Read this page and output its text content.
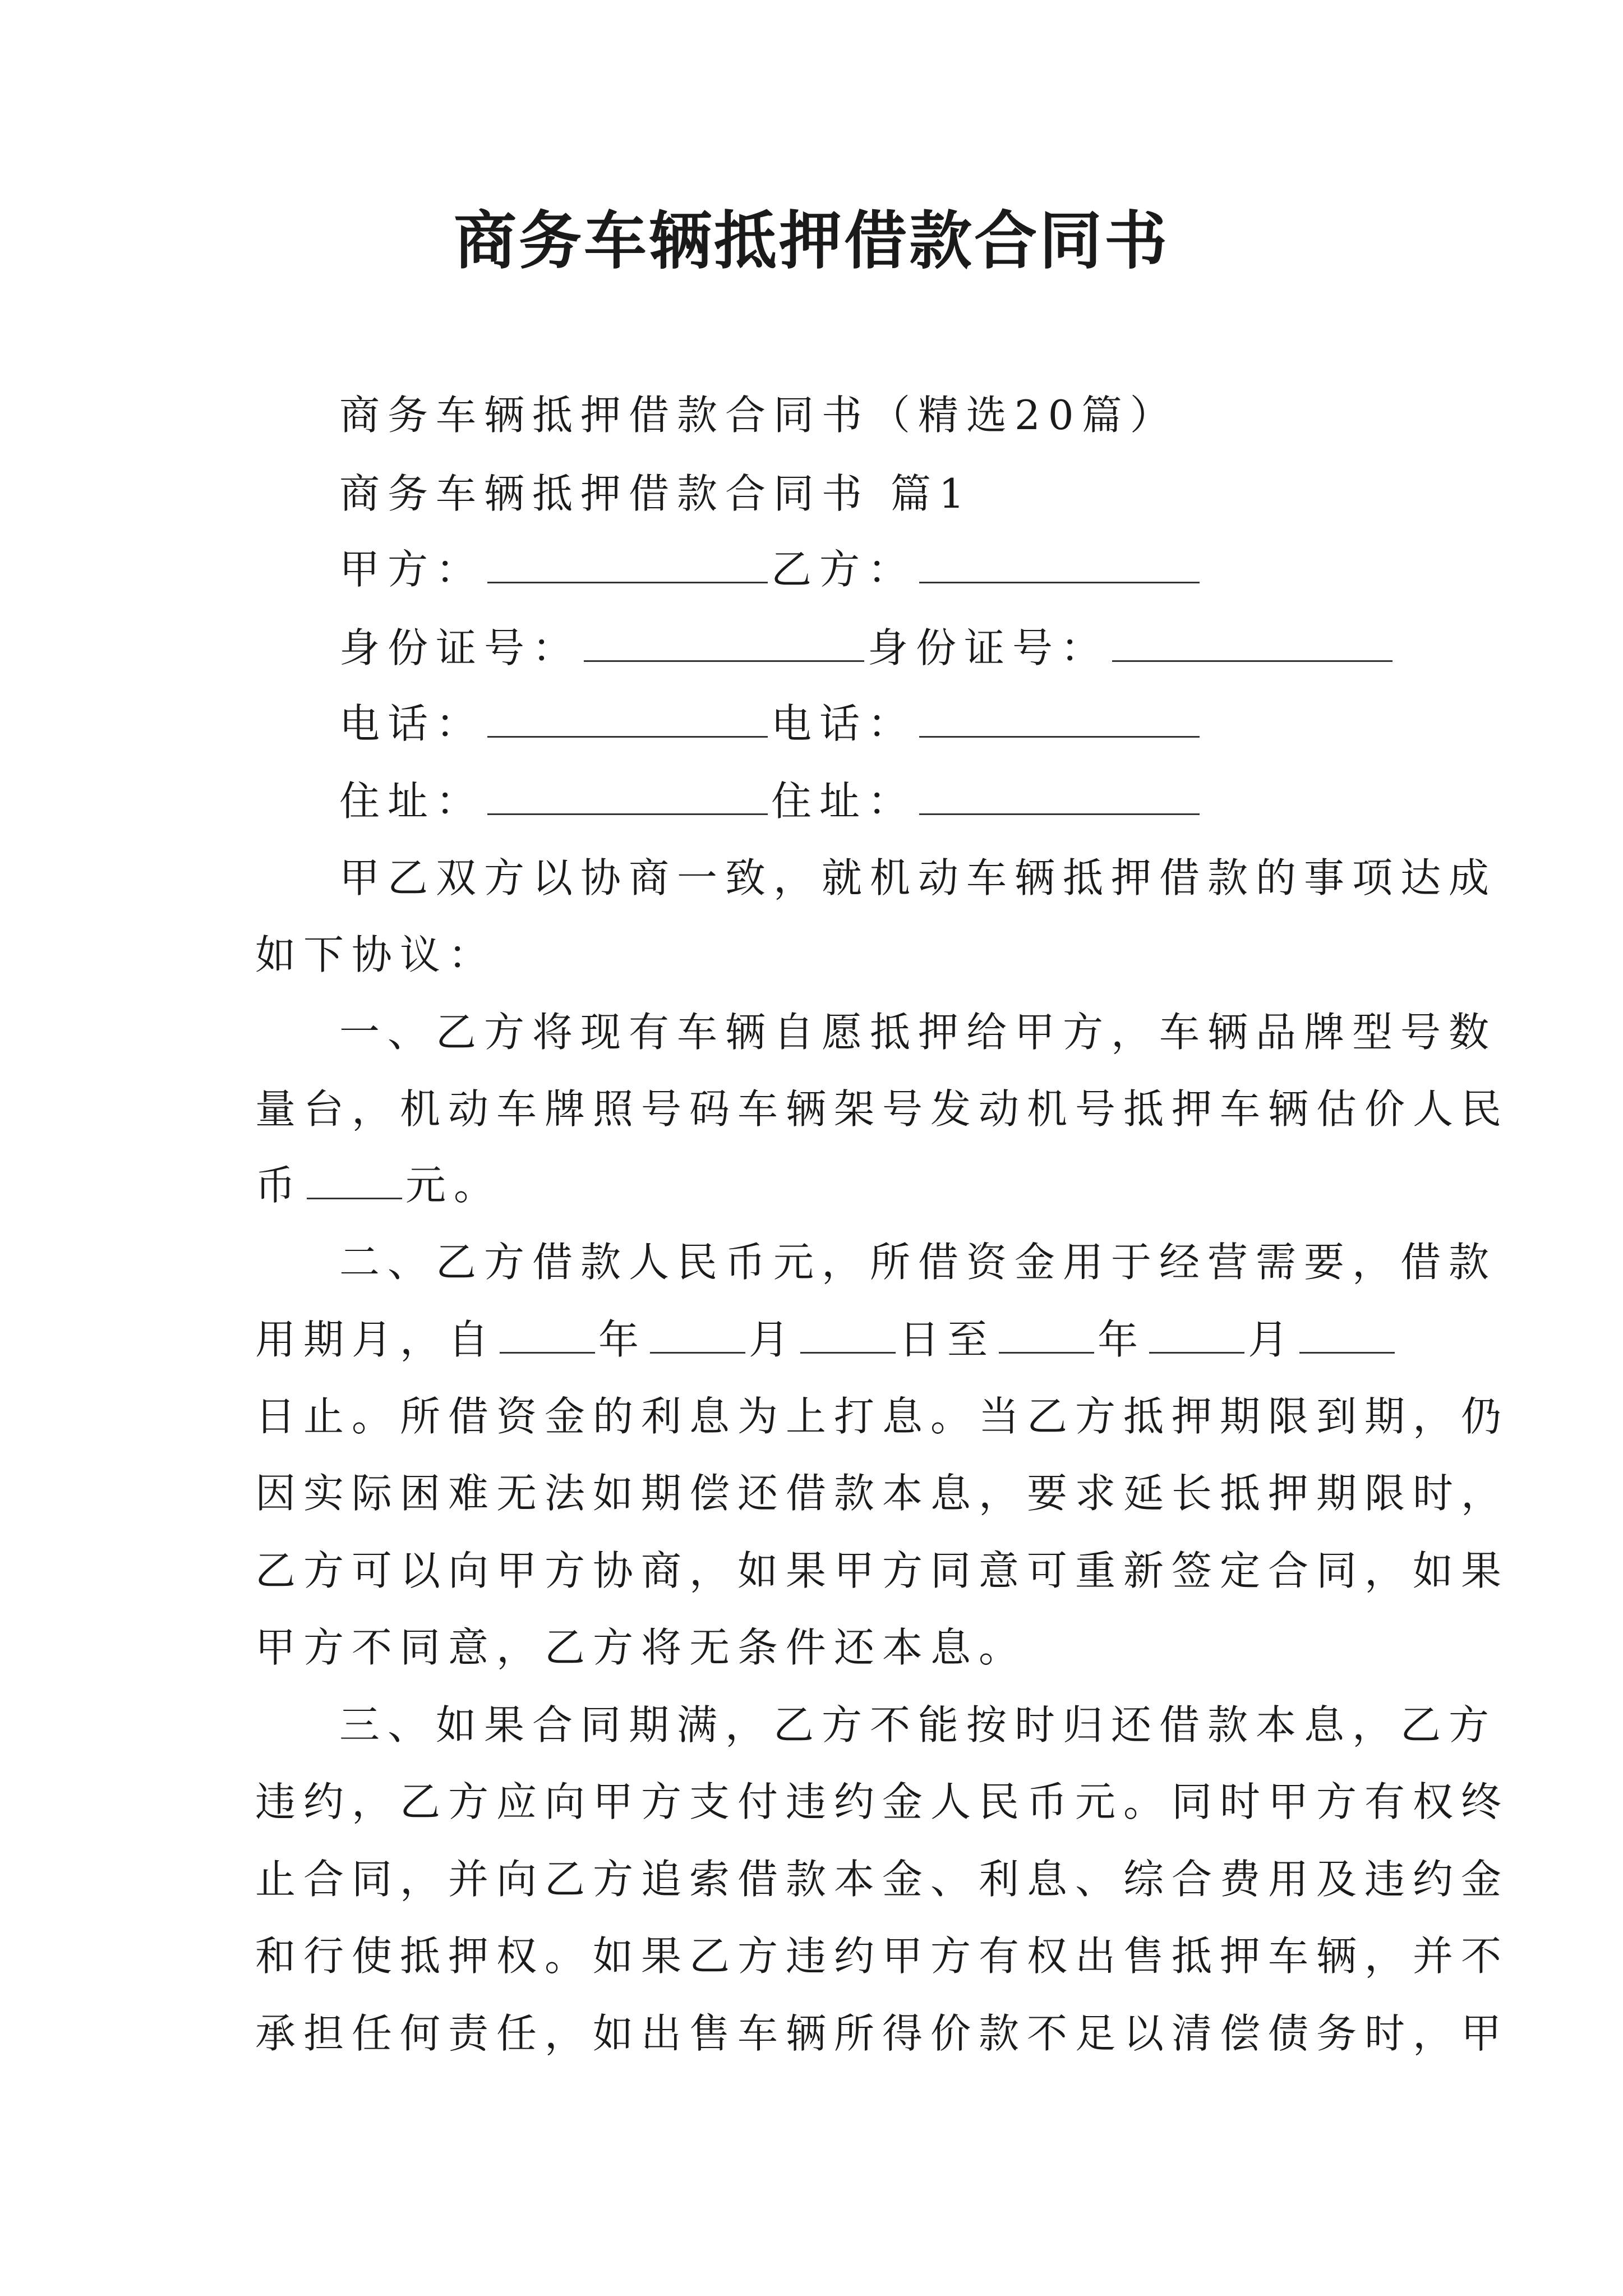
商务车辆抵押借款合同书
商务车辆抵押借款合同书（精选20篇）
商务车辆抵押借款合同书 篇1
甲方：	乙方：
身份证号：	身份证号：
电话：	电话：
住址：	住址：
甲乙双方以协商一致，就机动车辆抵押借款的事项达成
如下协议：
一、乙方将现有车辆自愿抵押给甲方，车辆品牌型号数
量台，机动车牌照号码车辆架号发动机号抵押车辆估价人民
币	元。
二、乙方借款人民币元，所借资金用于经营需要，借款
用期月，自	年	月	日至	年	月
日止。所借资金的利息为上打息。当乙方抵押期限到期，仍
因实际困难无法如期偿还借款本息，要求延长抵押期限时，
乙方可以向甲方协商，如果甲方同意可重新签定合同，如果
甲方不同意，乙方将无条件还本息。
三、如果合同期满，乙方不能按时归还借款本息，乙方
违约，乙方应向甲方支付违约金人民币元。同时甲方有权终
止合同，并向乙方追索借款本金、利息、综合费用及违约金
和行使抵押权。如果乙方违约甲方有权出售抵押车辆，并不
承担任何责任，如出售车辆所得价款不足以清偿债务时，甲
